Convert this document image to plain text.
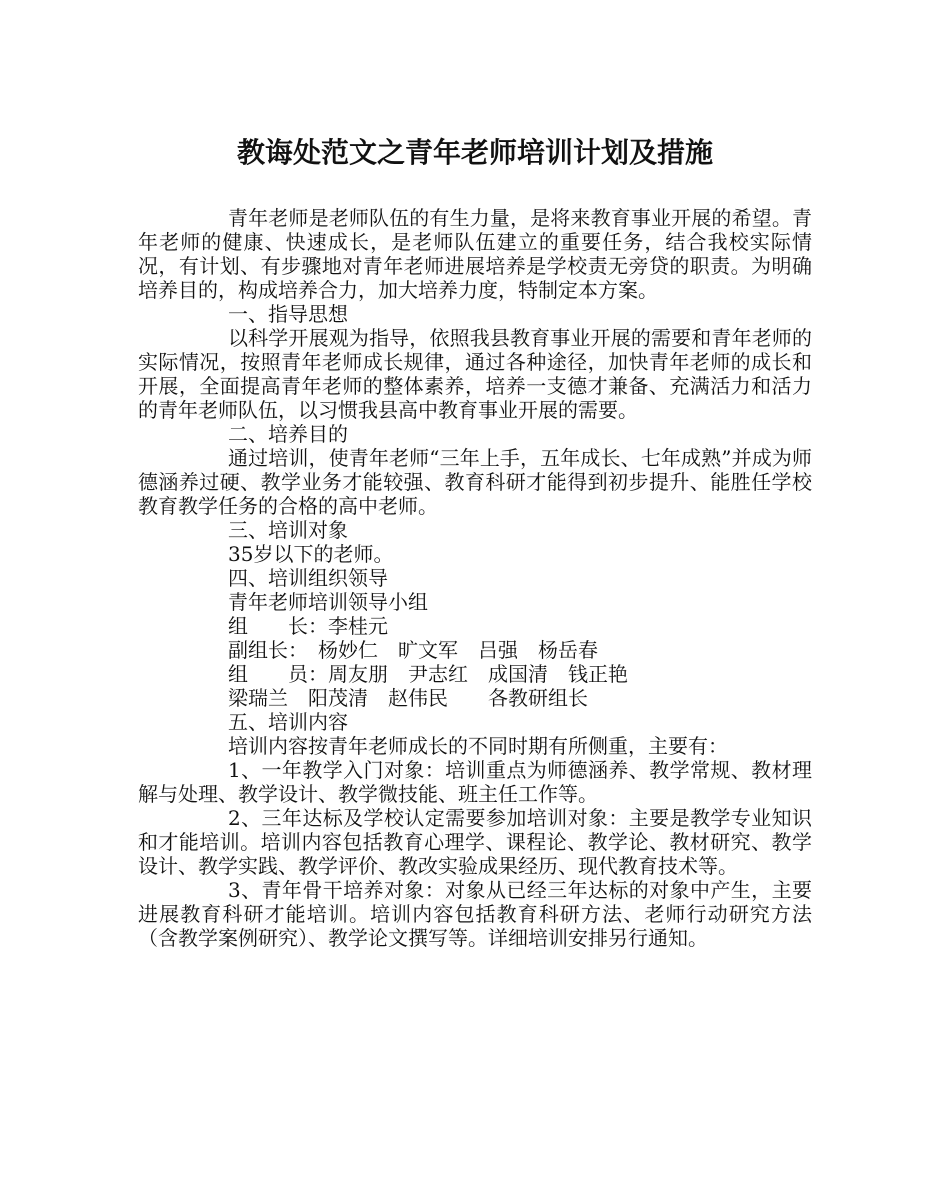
教诲处范文之青年老师培训计划及措施

青年老师是老师队伍的有生力量，是将来教育事业开展的希望。青年老师的健康、快速成长，是老师队伍建立的重要任务，结合我校实际情况，有计划、有步骤地对青年老师进展培养是学校责无旁贷的职责。为明确培养目的，构成培养合力，加大培养力度，特制定本方案。

一、指导思想

以科学开展观为指导，依照我县教育事业开展的需要和青年老师的实际情况，按照青年老师成长规律，通过各种途径，加快青年老师的成长和开展，全面提高青年老师的整体素养，培养一支德才兼备、充满活力和活力的青年老师队伍，以习惯我县高中教育事业开展的需要。

二、培养目的

通过培训，使青年老师“三年上手，五年成长、七年成熟”并成为师德涵养过硬、教学业务才能较强、教育科研才能得到初步提升、能胜任学校教育教学任务的合格的高中老师。

三、培训对象

35岁以下的老师。

四、培训组织领导

青年老师培训领导小组

组　　长：李桂元

副组长：　杨妙仁　旷文军　吕强　杨岳春

组　　员：周友朋　尹志红　成国清　钱正艳

梁瑞兰　阳茂清　赵伟民　　各教研组长

五、培训内容

培训内容按青年老师成长的不同时期有所侧重，主要有：

1、一年教学入门对象：培训重点为师德涵养、教学常规、教材理解与处理、教学设计、教学微技能、班主任工作等。

2、三年达标及学校认定需要参加培训对象：主要是教学专业知识和才能培训。培训内容包括教育心理学、课程论、教学论、教材研究、教学设计、教学实践、教学评价、教改实验成果经历、现代教育技术等。

3、青年骨干培养对象：对象从已经三年达标的对象中产生，主要进展教育科研才能培训。培训内容包括教育科研方法、老师行动研究方法（含教学案例研究）、教学论文撰写等。详细培训安排另行通知。
